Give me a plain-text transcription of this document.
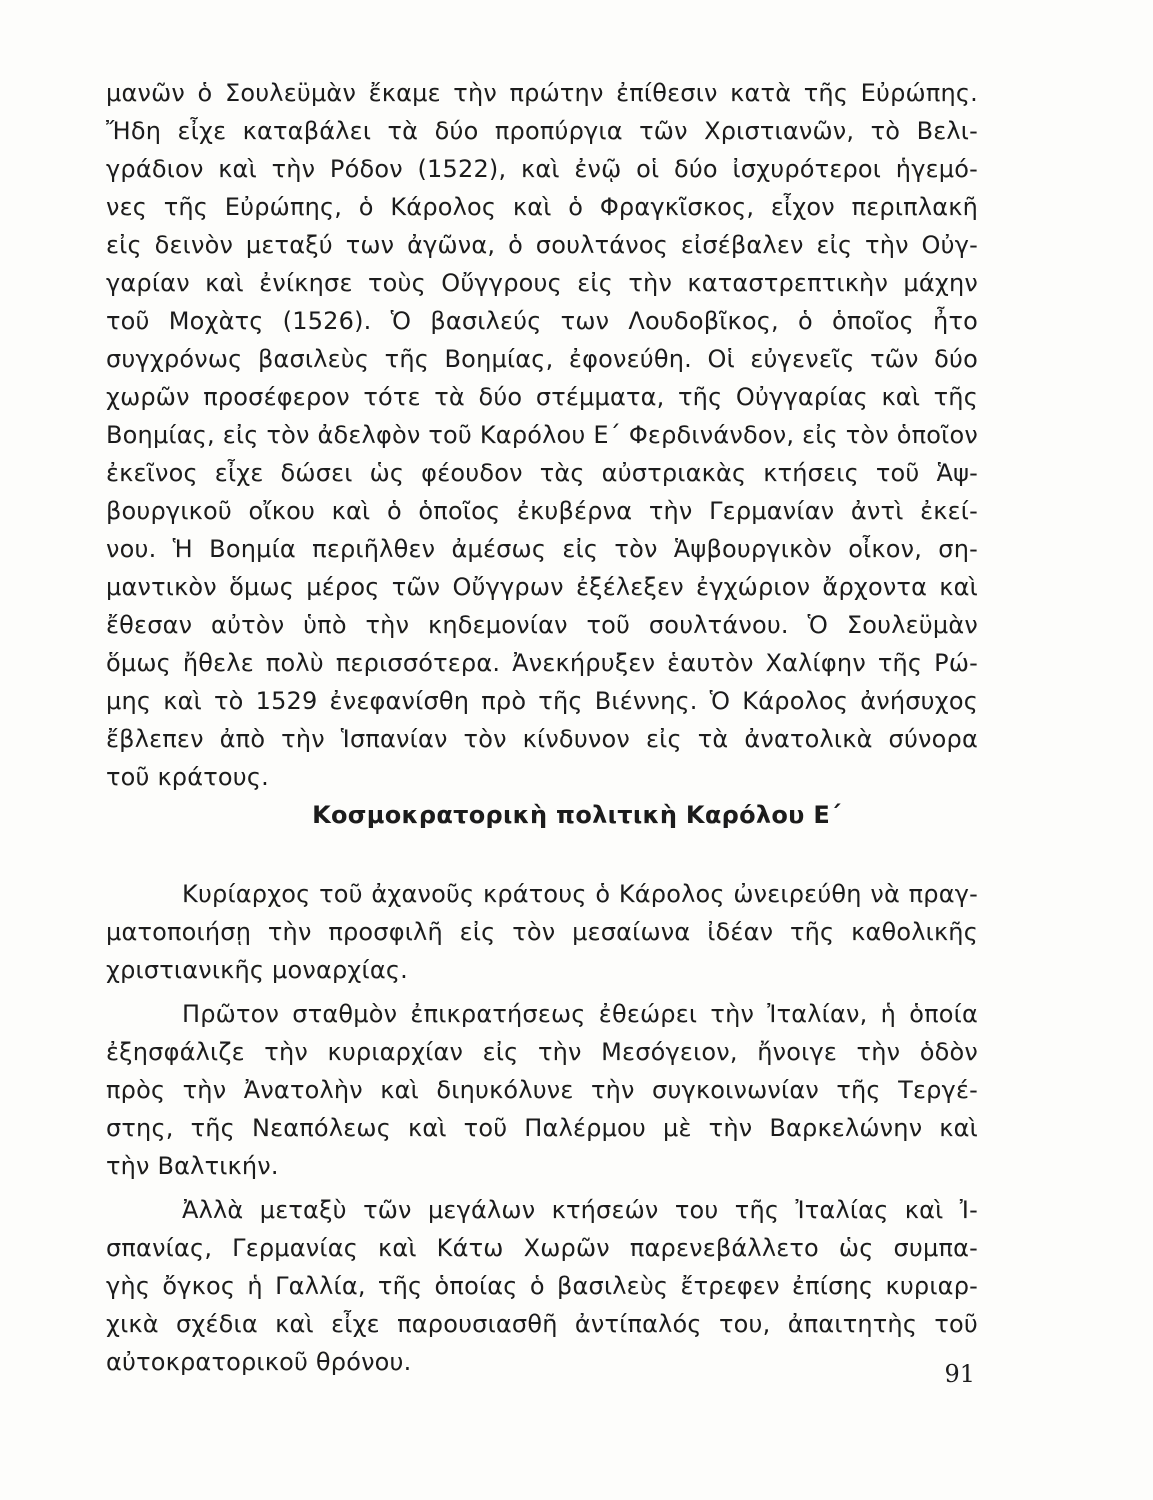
μανῶν ὁ Σουλεϋμὰν ἔκαμε τὴν πρώτην ἐπίθεσιν κατὰ τῆς Εὐρώπης.
Ἤδη εἶχε καταβάλει τὰ δύο προπύργια τῶν Χριστιανῶν, τὸ Βελι-
γράδιον καὶ τὴν Ρόδον (1522), καὶ ἐνῷ οἱ δύο ἰσχυρότεροι ἡγεμό-
νες τῆς Εὐρώπης, ὁ Κάρολος καὶ ὁ Φραγκῖσκος, εἶχον περιπλακῆ
εἰς δεινὸν μεταξύ των ἀγῶνα, ὁ σουλτάνος εἰσέβαλεν εἰς τὴν Οὐγ-
γαρίαν καὶ ἐνίκησε τοὺς Οὔγγρους εἰς τὴν καταστρεπτικὴν μάχην
τοῦ Μοχὰτς (1526). Ὁ βασιλεύς των Λουδοβῖκος, ὁ ὁποῖος ἦτο
συγχρόνως βασιλεὺς τῆς Βοημίας, ἐφονεύθη. Οἱ εὐγενεῖς τῶν δύο
χωρῶν προσέφερον τότε τὰ δύο στέμματα, τῆς Οὐγγαρίας καὶ τῆς
Βοημίας, εἰς τὸν ἀδελφὸν τοῦ Καρόλου Ε΄ Φερδινάνδον, εἰς τὸν ὁποῖον
ἐκεῖνος εἶχε δώσει ὡς φέουδον τὰς αὐστριακὰς κτήσεις τοῦ Ἁψ-
βουργικοῦ οἴκου καὶ ὁ ὁποῖος ἐκυβέρνα τὴν Γερμανίαν ἀντὶ ἐκεί-
νου. Ἡ Βοημία περιῆλθεν ἀμέσως εἰς τὸν Ἁψβουργικὸν οἶκον, ση-
μαντικὸν ὅμως μέρος τῶν Οὔγγρων ἐξέλεξεν ἐγχώριον ἄρχοντα καὶ
ἔθεσαν αὐτὸν ὑπὸ τὴν κηδεμονίαν τοῦ σουλτάνου. Ὁ Σουλεϋμὰν
ὅμως ἤθελε πολὺ περισσότερα. Ἀνεκήρυξεν ἑαυτὸν Χαλίφην τῆς Ρώ-
μης καὶ τὸ 1529 ἐνεφανίσθη πρὸ τῆς Βιέννης. Ὁ Κάρολος ἀνήσυχος
ἔβλεπεν ἀπὸ τὴν Ἱσπανίαν τὸν κίνδυνον εἰς τὰ ἀνατολικὰ σύνορα
τοῦ κράτους.
Κοσμοκρατορικὴ πολιτικὴ Καρόλου Ε΄
Κυρίαρχος τοῦ ἀχανοῦς κράτους ὁ Κάρολος ὠνειρεύθη νὰ πραγ-
ματοποιήσῃ τὴν προσφιλῆ εἰς τὸν μεσαίωνα ἰδέαν τῆς καθολικῆς
χριστιανικῆς μοναρχίας.
Πρῶτον σταθμὸν ἐπικρατήσεως ἐθεώρει τὴν Ἰταλίαν, ἡ ὁποία
ἐξησφάλιζε τὴν κυριαρχίαν εἰς τὴν Μεσόγειον, ἤνοιγε τὴν ὁδὸν
πρὸς τὴν Ἀνατολὴν καὶ διηυκόλυνε τὴν συγκοινωνίαν τῆς Τεργέ-
στης, τῆς Νεαπόλεως καὶ τοῦ Παλέρμου μὲ τὴν Βαρκελώνην καὶ
τὴν Βαλτικήν.
Ἀλλὰ μεταξὺ τῶν μεγάλων κτήσεών του τῆς Ἰταλίας καὶ Ἰ-
σπανίας, Γερμανίας καὶ Κάτω Χωρῶν παρενεβάλλετο ὡς συμπα-
γὴς ὄγκος ἡ Γαλλία, τῆς ὁποίας ὁ βασιλεὺς ἔτρεφεν ἐπίσης κυριαρ-
χικὰ σχέδια καὶ εἶχε παρουσιασθῆ ἀντίπαλός του, ἀπαιτητὴς τοῦ
αὐτοκρατορικοῦ θρόνου.	91
